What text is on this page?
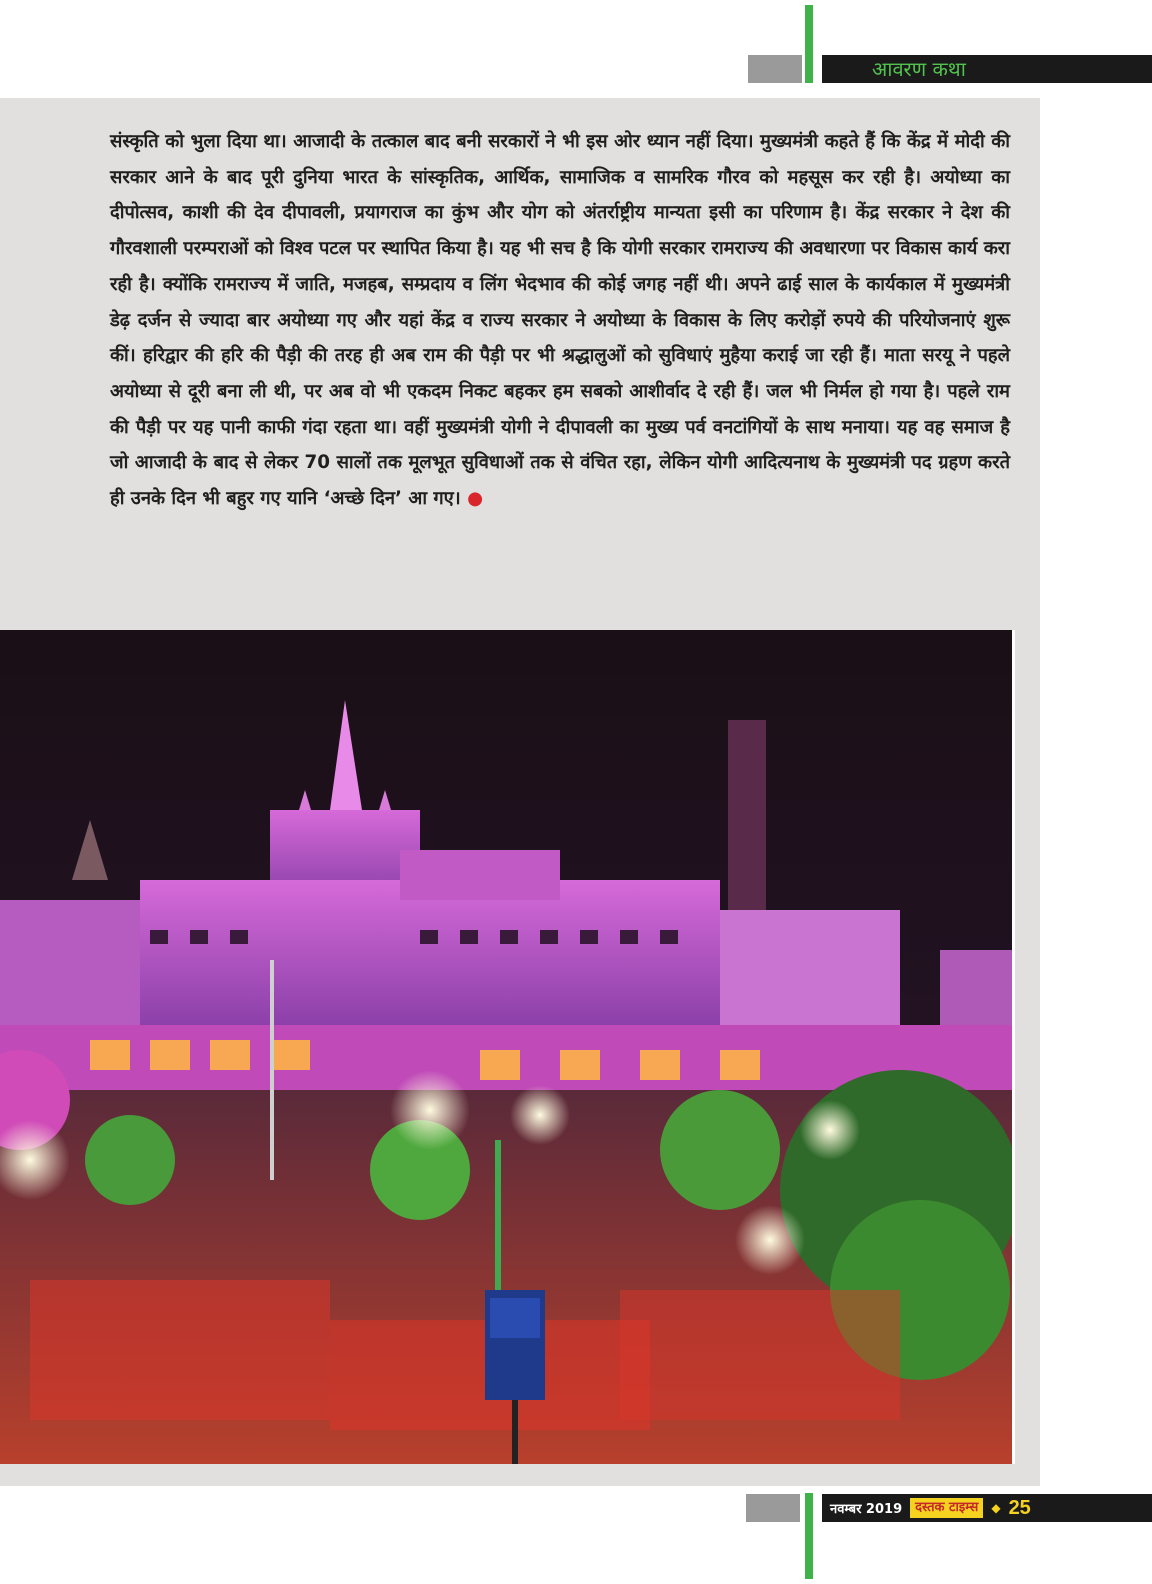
आवरण कथा

संस्कृति को भुला दिया था। आजादी के तत्काल बाद बनी सरकारों ने भी इस ओर ध्यान नहीं दिया। मुख्यमंत्री कहते हैं कि केंद्र में मोदी की सरकार आने के बाद पूरी दुनिया भारत के सांस्कृतिक, आर्थिक, सामाजिक व सामरिक गौरव को महसूस कर रही है। अयोध्या का दीपोत्सव, काशी की देव दीपावली, प्रयागराज का कुंभ और योग को अंतर्राष्ट्रीय मान्यता इसी का परिणाम है। केंद्र सरकार ने देश की गौरवशाली परम्पराओं को विश्व पटल पर स्थापित किया है। यह भी सच है कि योगी सरकार रामराज्य की अवधारणा पर विकास कार्य करा रही है। क्योंकि रामराज्य में जाति, मजहब, सम्प्रदाय व लिंग भेदभाव की कोई जगह नहीं थी। अपने ढाई साल के कार्यकाल में मुख्यमंत्री डेढ़ दर्जन से ज्यादा बार अयोध्या गए और यहां केंद्र व राज्य सरकार ने अयोध्या के विकास के लिए करोड़ों रुपये की परियोजनाएं शुरू कीं। हरिद्वार की हरि की पैड़ी की तरह ही अब राम की पैड़ी पर भी श्रद्धालुओं को सुविधाएं मुहैया कराई जा रही हैं। माता सरयू ने पहले अयोध्या से दूरी बना ली थी, पर अब वो भी एकदम निकट बहकर हम सबको आशीर्वाद दे रही हैं। जल भी निर्मल हो गया है। पहले राम की पैड़ी पर यह पानी काफी गंदा रहता था। वहीं मुख्यमंत्री योगी ने दीपावली का मुख्य पर्व वनटांगियों के साथ मनाया। यह वह समाज है जो आजादी के बाद से लेकर 70 सालों तक मूलभूत सुविधाओं तक से वंचित रहा, लेकिन योगी आदित्यनाथ के मुख्यमंत्री पद ग्रहण करते ही उनके दिन भी बहुर गए यानि ‘अच्छे दिन’ आ गए। ●

नवम्बर 2019	दस्तक टाइम्स	◆ 25
